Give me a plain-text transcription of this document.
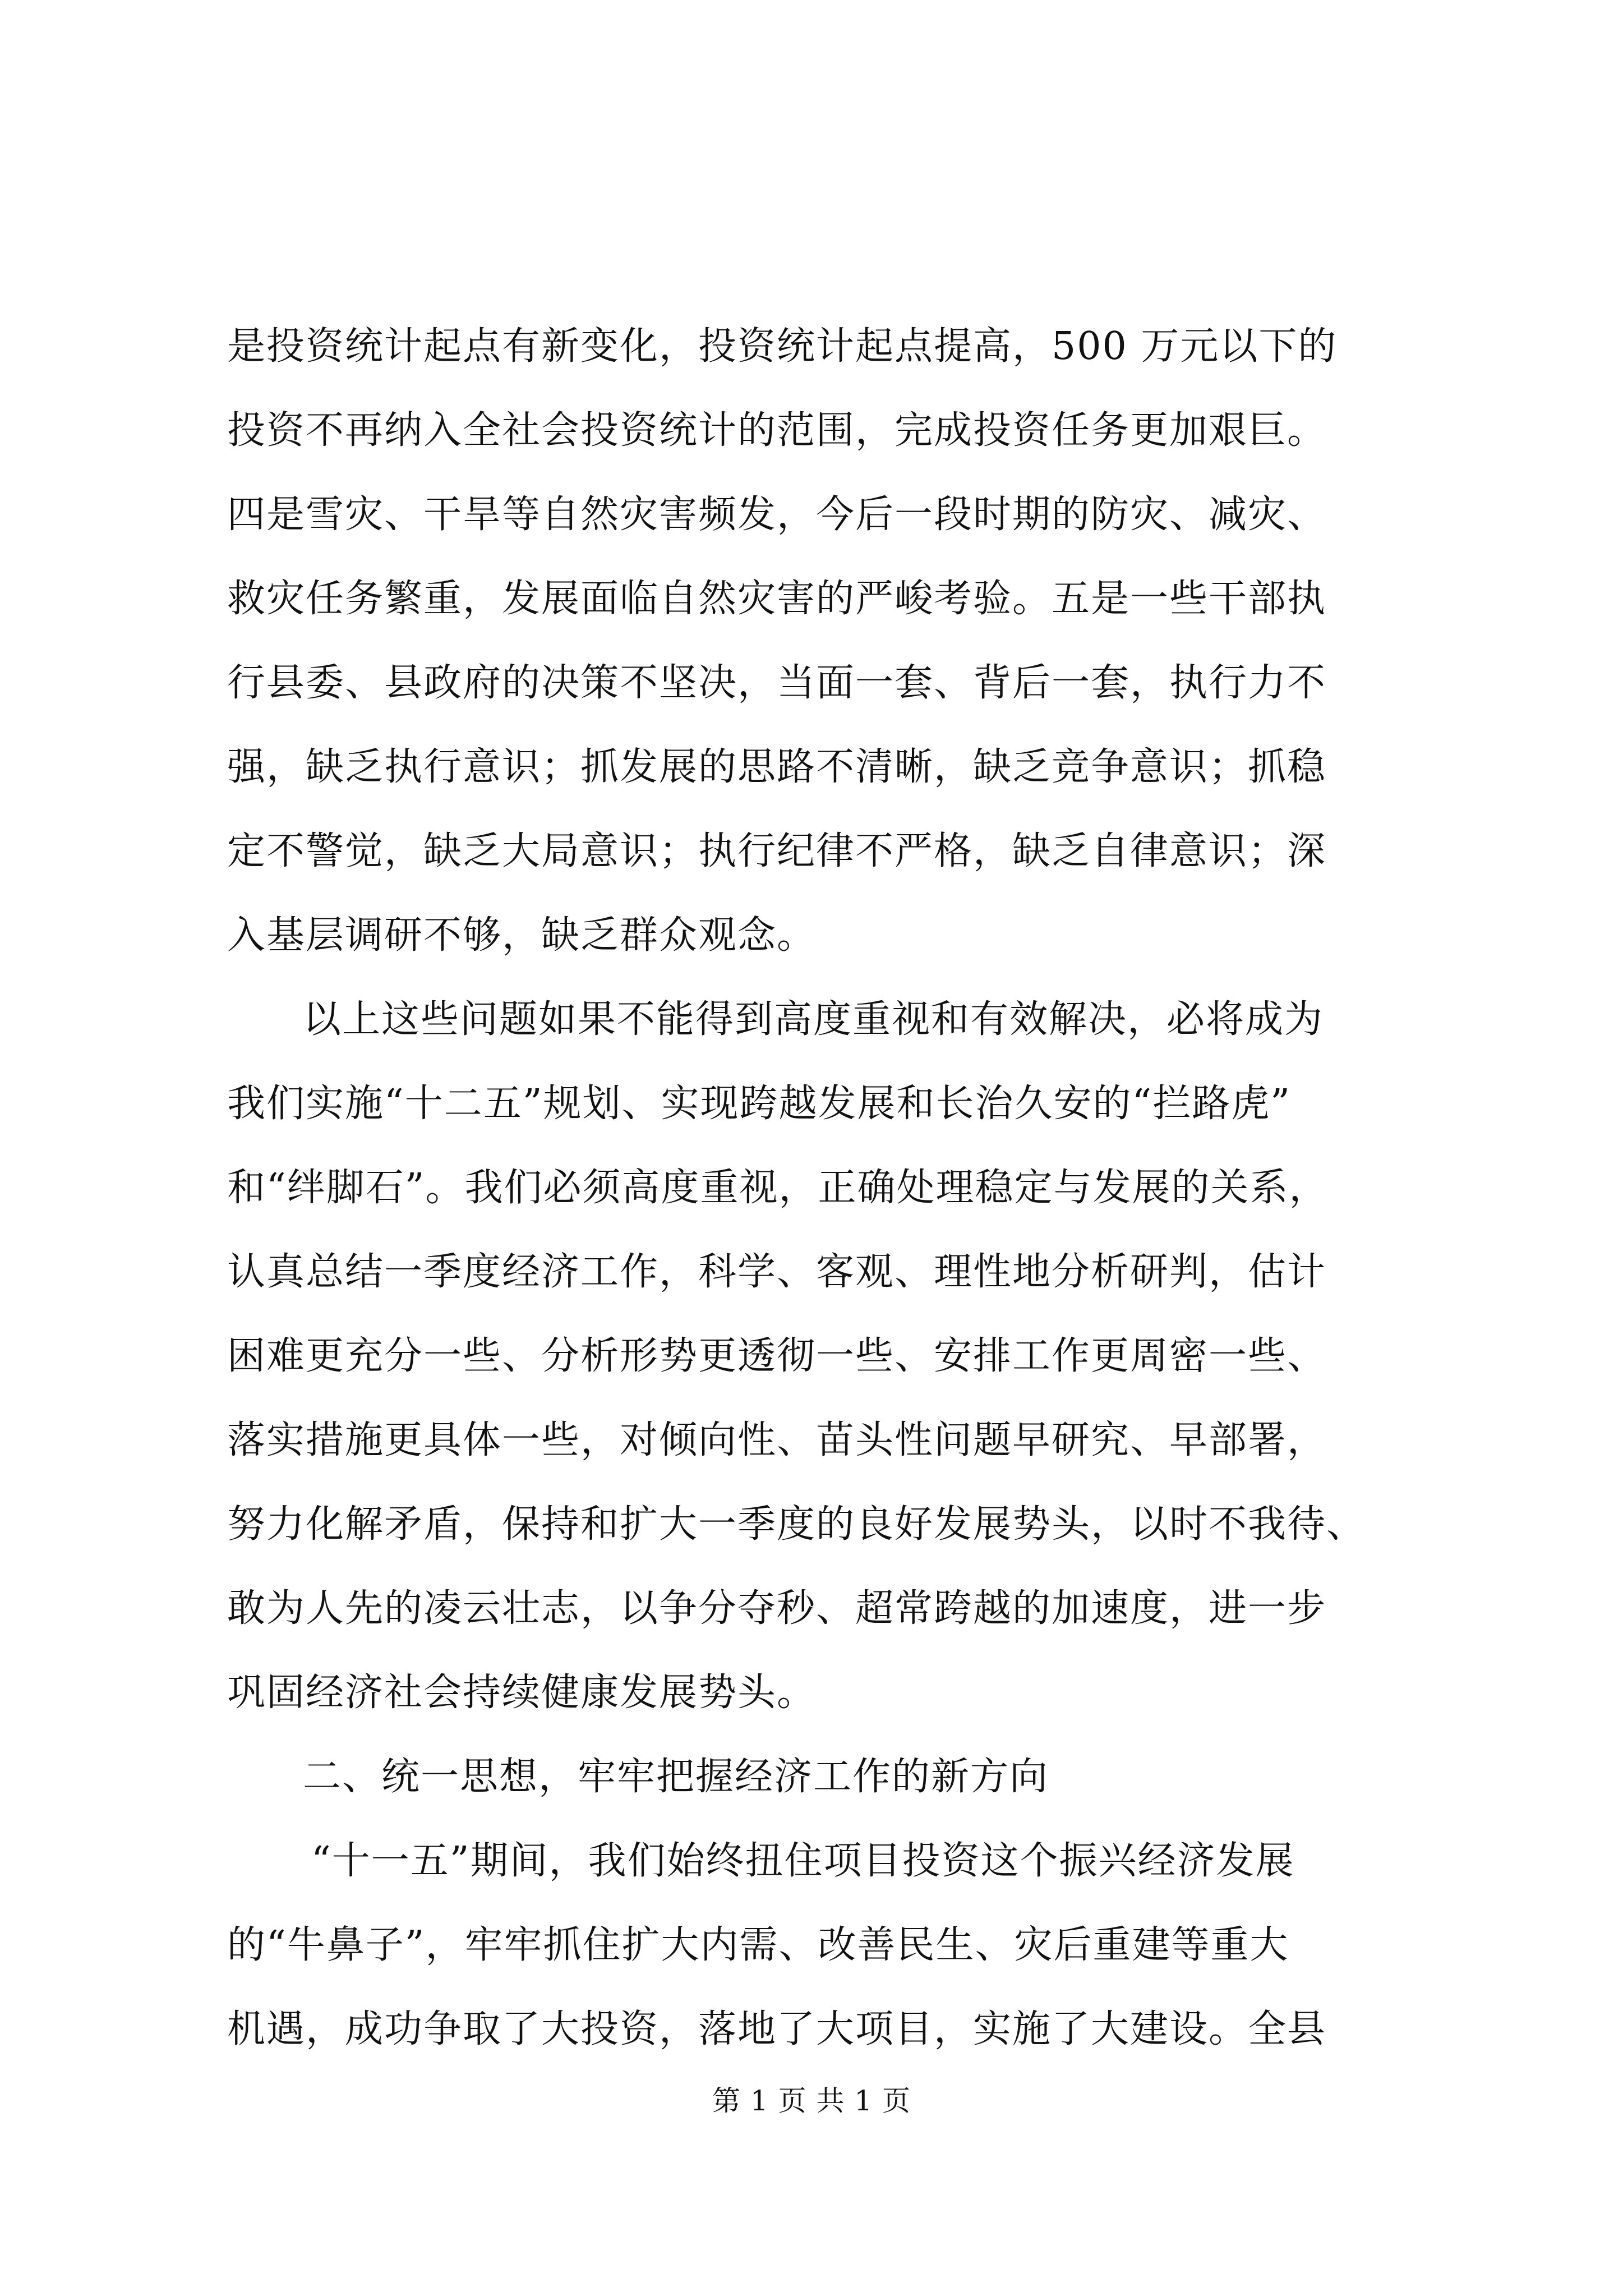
是投资统计起点有新变化，投资统计起点提高，500 万元以下的
投资不再纳入全社会投资统计的范围，完成投资任务更加艰巨。
四是雪灾、干旱等自然灾害频发，今后一段时期的防灾、减灾、
救灾任务繁重，发展面临自然灾害的严峻考验。五是一些干部执
行县委、县政府的决策不坚决，当面一套、背后一套，执行力不
强，缺乏执行意识；抓发展的思路不清晰，缺乏竞争意识；抓稳
定不警觉，缺乏大局意识；执行纪律不严格，缺乏自律意识；深
入基层调研不够，缺乏群众观念。
以上这些问题如果不能得到高度重视和有效解决，必将成为
我们实施“十二五”规划、实现跨越发展和长治久安的“拦路虎”
和“绊脚石”。我们必须高度重视，正确处理稳定与发展的关系，
认真总结一季度经济工作，科学、客观、理性地分析研判，估计
困难更充分一些、分析形势更透彻一些、安排工作更周密一些、
落实措施更具体一些，对倾向性、苗头性问题早研究、早部署，
努力化解矛盾，保持和扩大一季度的良好发展势头，以时不我待、
敢为人先的凌云壮志，以争分夺秒、超常跨越的加速度，进一步
巩固经济社会持续健康发展势头。
二、统一思想，牢牢把握经济工作的新方向
“十一五”期间，我们始终扭住项目投资这个振兴经济发展
的“牛鼻子”，牢牢抓住扩大内需、改善民生、灾后重建等重大
机遇，成功争取了大投资，落地了大项目，实施了大建设。全县
第 1 页 共 1 页
